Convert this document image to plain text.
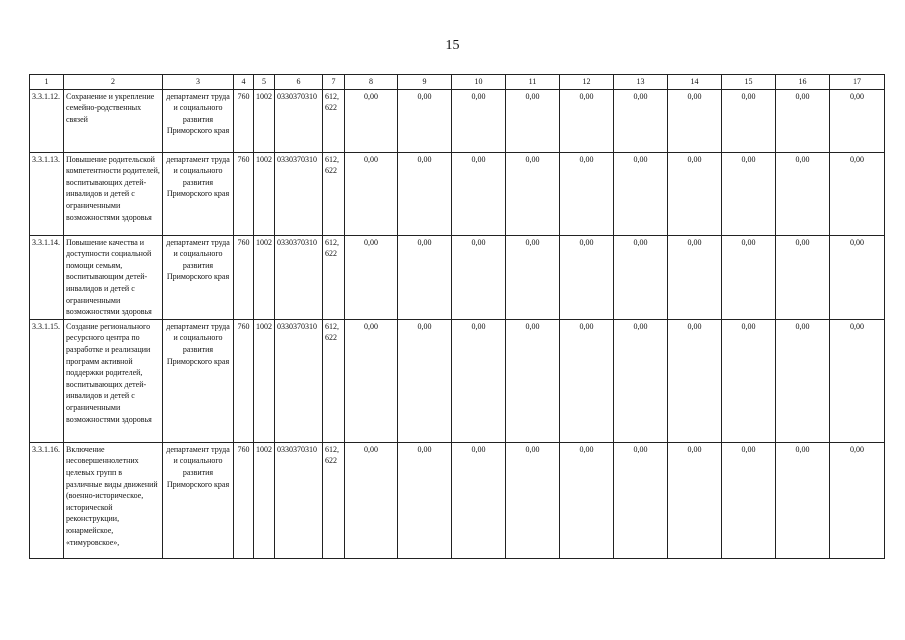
15
1	2	3	4	5	6	7	8	9	10	11	12	13	14	15	16	17
3.3.1.12.	Сохранение и укрепление семейно-родственных связей	департамент труда и социального развития Приморского края	760	1002	0330370310	612, 622	0,00	0,00	0,00	0,00	0,00	0,00	0,00	0,00	0,00	0,00
3.3.1.13.	Повышение родительской компетентности родителей, воспитывающих детей-инвалидов и детей с ограниченными возможностями здоровья	департамент труда и социального развития Приморского края	760	1002	0330370310	612, 622	0,00	0,00	0,00	0,00	0,00	0,00	0,00	0,00	0,00	0,00
3.3.1.14.	Повышение качества и доступности социальной помощи семьям, воспитывающим детей-инвалидов и детей с ограниченными возможностями здоровья	департамент труда и социального развития Приморского края	760	1002	0330370310	612, 622	0,00	0,00	0,00	0,00	0,00	0,00	0,00	0,00	0,00	0,00
3.3.1.15.	Создание регионального ресурсного центра по разработке и реализации программ активной поддержки родителей, воспитывающих детей-инвалидов и детей с ограниченными возможностями здоровья	департамент труда и социального развития Приморского края	760	1002	0330370310	612, 622	0,00	0,00	0,00	0,00	0,00	0,00	0,00	0,00	0,00	0,00
3.3.1.16.	Включение несовершеннолетних целевых групп в различные виды движений (военно-историческое, исторической реконструкции, юнармейское, «тимуровское»,	департамент труда и социального развития Приморского края	760	1002	0330370310	612, 622	0,00	0,00	0,00	0,00	0,00	0,00	0,00	0,00	0,00	0,00
